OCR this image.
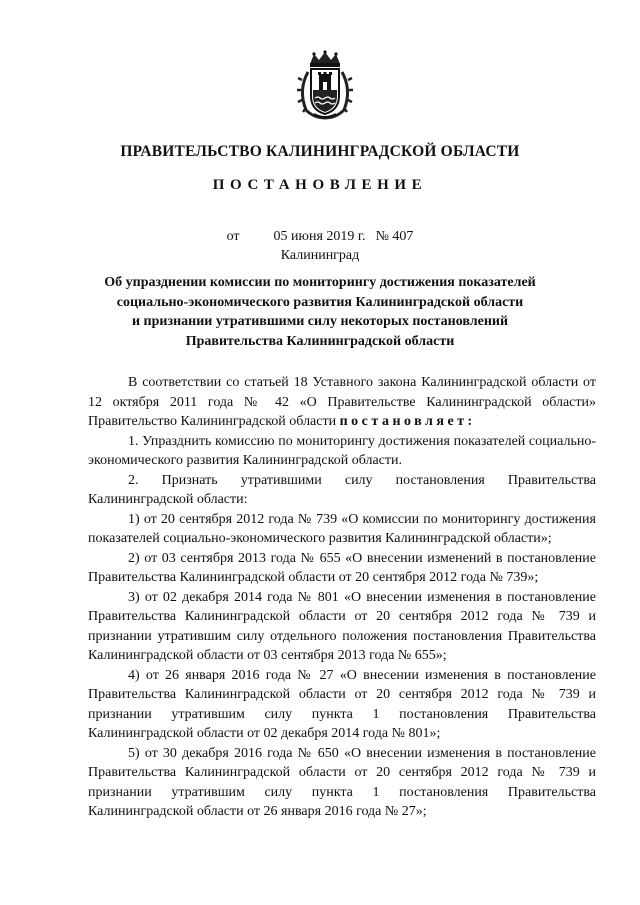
ПРАВИТЕЛЬСТВО КАЛИНИНГРАДСКОЙ ОБЛАСТИ
ПОСТАНОВЛЕНИЕ
от 05 июня 2019 г. № 407
Калининград
Об упразднении комиссии по мониторингу достижения показателей
социально-экономического развития Калининградской области
и признании утратившими силу некоторых постановлений
Правительства Калининградской области

В соответствии со статьей 18 Уставного закона Калининградской области от 12 октября 2011 года № 42 «О Правительстве Калининградской области» Правительство Калининградской области постановляет:

1. Упразднить комиссию по мониторингу достижения показателей социально-экономического развития Калининградской области.

2. Признать утратившими силу постановления Правительства Калининградской области:

1) от 20 сентября 2012 года № 739 «О комиссии по мониторингу достижения показателей социально-экономического развития Калининградской области»;

2) от 03 сентября 2013 года № 655 «О внесении изменений в постановление Правительства Калининградской области от 20 сентября 2012 года № 739»;

3) от 02 декабря 2014 года № 801 «О внесении изменения в постановление Правительства Калининградской области от 20 сентября 2012 года № 739 и признании утратившим силу отдельного положения постановления Правительства Калининградской области от 03 сентября 2013 года № 655»;

4) от 26 января 2016 года № 27 «О внесении изменения в постановление Правительства Калининградской области от 20 сентября 2012 года № 739 и признании утратившим силу пункта 1 постановления Правительства Калининградской области от 02 декабря 2014 года № 801»;

5) от 30 декабря 2016 года № 650 «О внесении изменения в постановление Правительства Калининградской области от 20 сентября 2012 года № 739 и признании утратившим силу пункта 1 постановления Правительства Калининградской области от 26 января 2016 года № 27»;
